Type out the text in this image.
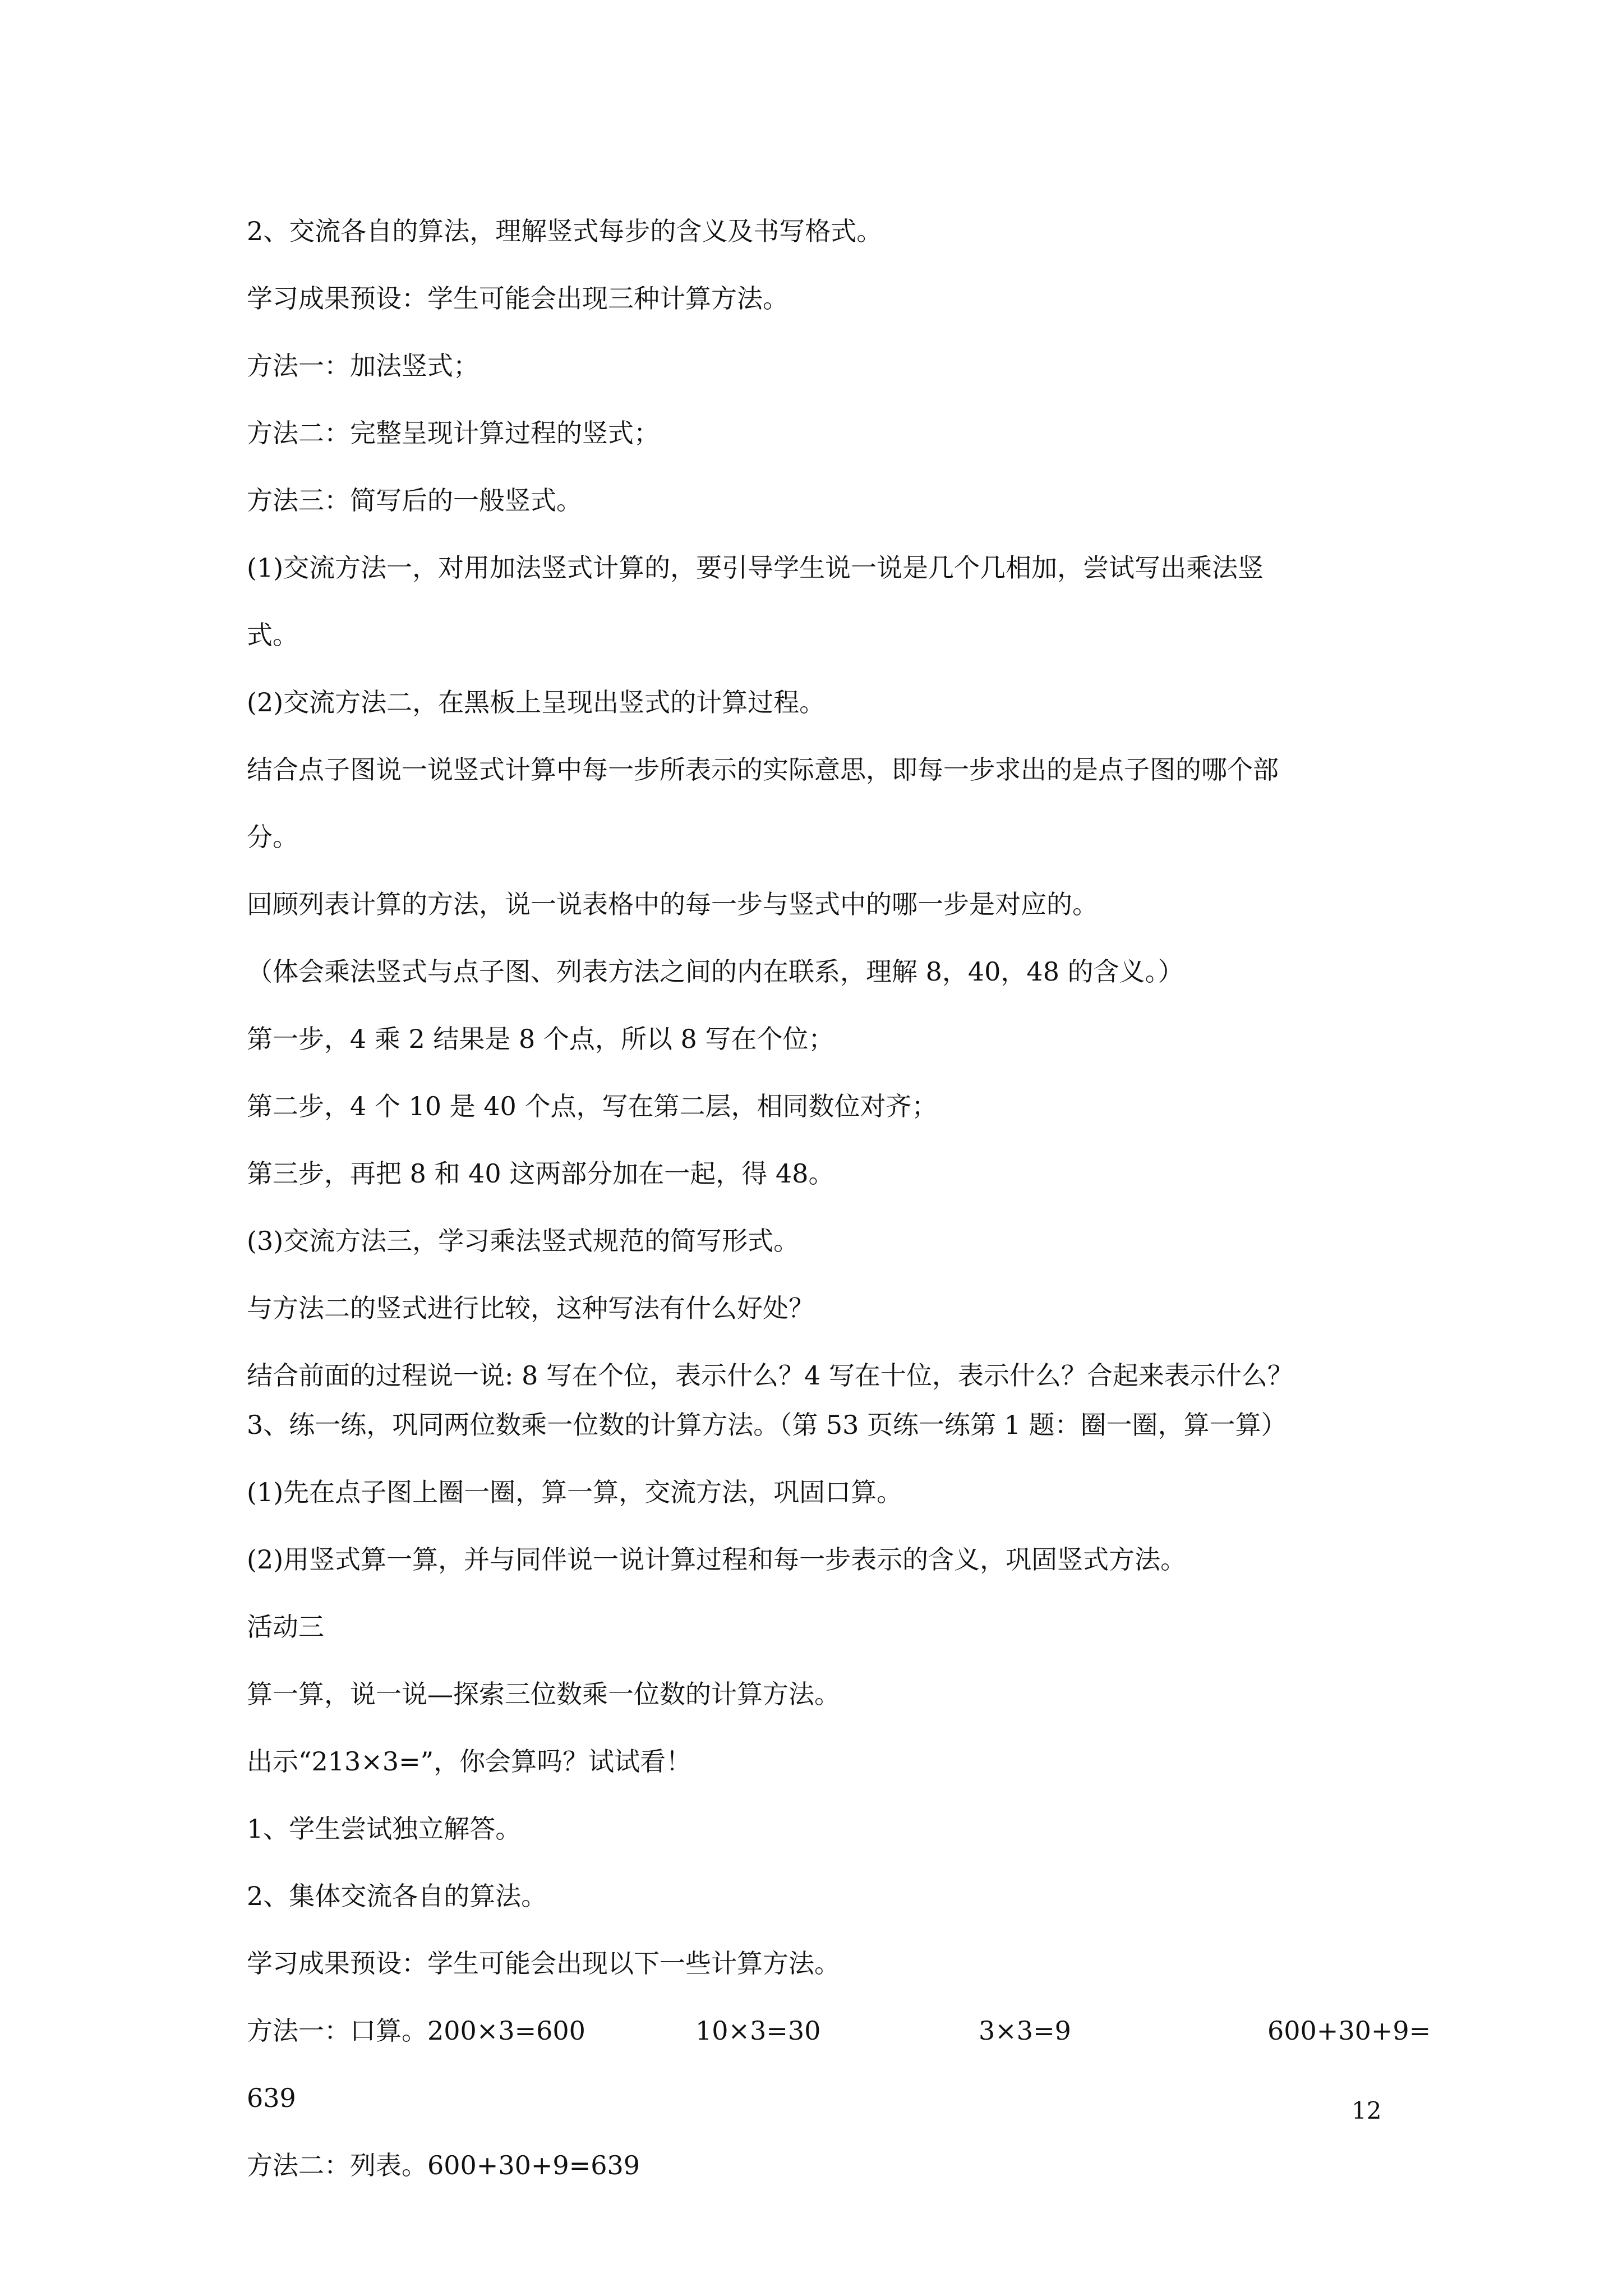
2、交流各自的算法，理解竖式每步的含义及书写格式。
学习成果预设：学生可能会出现三种计算方法。
方法一：加法竖式；
方法二：完整呈现计算过程的竖式；
方法三：简写后的一般竖式。
(1)交流方法一，对用加法竖式计算的，要引导学生说一说是几个几相加，尝试写出乘法竖
式。
(2)交流方法二，在黑板上呈现出竖式的计算过程。
结合点子图说一说竖式计算中每一步所表示的实际意思，即每一步求出的是点子图的哪个部
分。
回顾列表计算的方法，说一说表格中的每一步与竖式中的哪一步是对应的。
（体会乘法竖式与点子图、列表方法之间的内在联系，理解 8，40，48 的含义。）
第一步，4 乘 2 结果是 8 个点，所以 8 写在个位；
第二步，4 个 10 是 40 个点，写在第二层，相同数位对齐；
第三步，再把 8 和 40 这两部分加在一起，得 48。
(3)交流方法三，学习乘法竖式规范的简写形式。
与方法二的竖式进行比较，这种写法有什么好处？
结合前面的过程说一说: 8 写在个位，表示什么？4 写在十位，表示什么？合起来表示什么？
3、练一练，巩同两位数乘一位数的计算方法。（第 53 页练一练第 1 题：圈一圈，算一算）
(1)先在点子图上圈一圈，算一算，交流方法，巩固口算。
(2)用竖式算一算，并与同伴说一说计算过程和每一步表示的含义，巩固竖式方法。
活动三
算一算，说一说—探索三位数乘一位数的计算方法。
出示“213×3=”，你会算吗？试试看！
1、学生尝试独立解答。
2、集体交流各自的算法。
学习成果预设：学生可能会出现以下一些计算方法。
方法一：口算。200×3=600	10×3=30	3×3=9	600+30+9=
639
方法二：列表。600+30+9=639
12
